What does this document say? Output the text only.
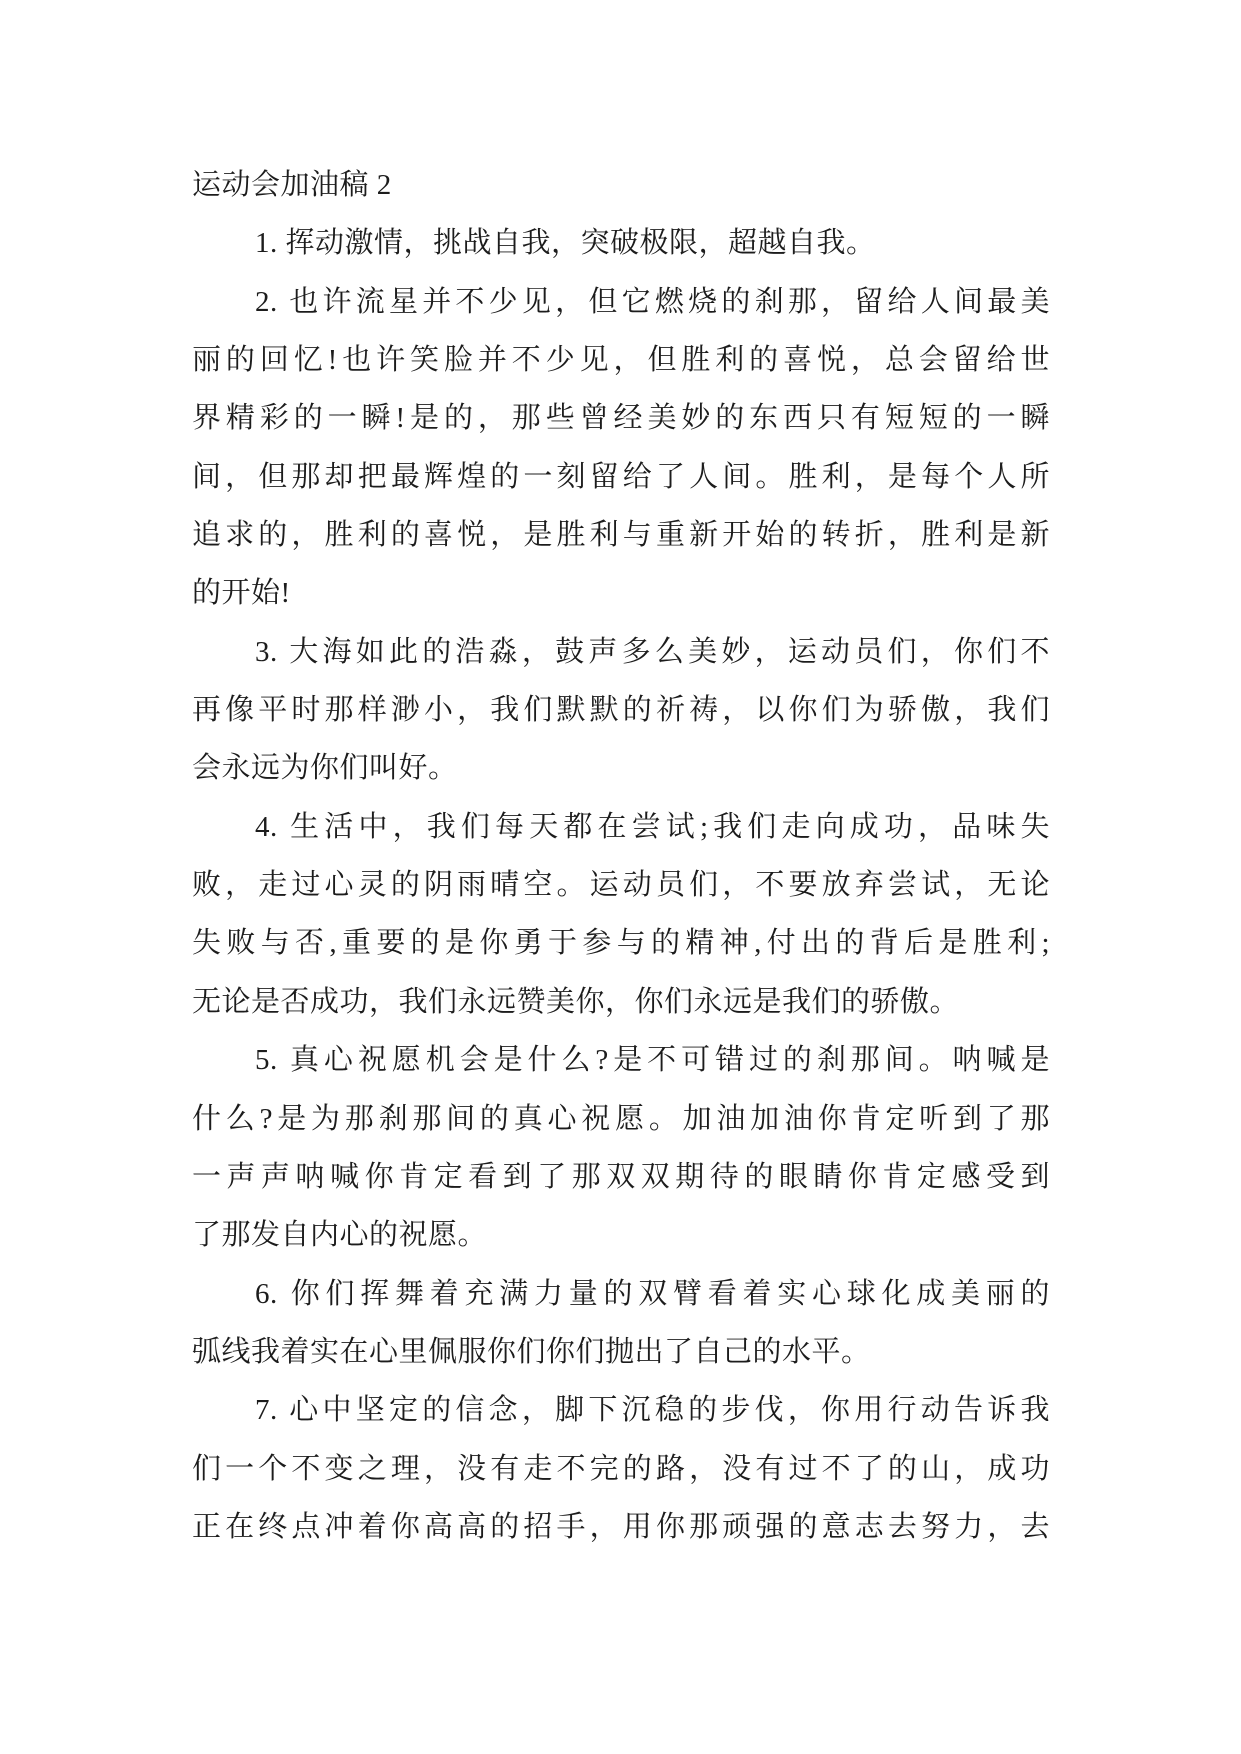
运动会加油稿 2
1. 挥动激情，挑战自我，突破极限，超越自我。
2. 也许流星并不少见，但它燃烧的刹那，留给人间最美
丽的回忆!也许笑脸并不少见，但胜利的喜悦，总会留给世
界精彩的一瞬!是的，那些曾经美妙的东西只有短短的一瞬
间，但那却把最辉煌的一刻留给了人间。胜利，是每个人所
追求的，胜利的喜悦，是胜利与重新开始的转折，胜利是新
的开始!
3. 大海如此的浩淼，鼓声多么美妙，运动员们，你们不
再像平时那样渺小，我们默默的祈祷，以你们为骄傲，我们
会永远为你们叫好。
4. 生活中，我们每天都在尝试;我们走向成功，品味失
败，走过心灵的阴雨晴空。运动员们，不要放弃尝试，无论
失败与否,重要的是你勇于参与的精神,付出的背后是胜利;
无论是否成功，我们永远赞美你，你们永远是我们的骄傲。
5. 真心祝愿机会是什么?是不可错过的刹那间。呐喊是
什么?是为那刹那间的真心祝愿。加油加油你肯定听到了那
一声声呐喊你肯定看到了那双双期待的眼睛你肯定感受到
了那发自内心的祝愿。
6. 你们挥舞着充满力量的双臂看着实心球化成美丽的
弧线我着实在心里佩服你们你们抛出了自己的水平。
7. 心中坚定的信念，脚下沉稳的步伐，你用行动告诉我
们一个不变之理，没有走不完的路，没有过不了的山，成功
正在终点冲着你高高的招手，用你那顽强的意志去努力，去
